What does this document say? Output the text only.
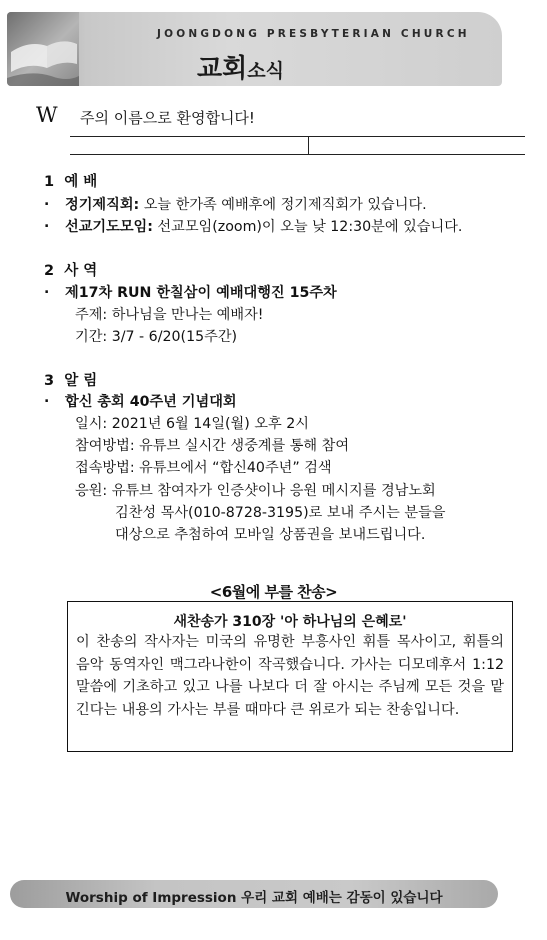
JOONGDONG PRESBYTERIAN CHURCH
교회소식
W 주의 이름으로 환영합니다!
1 예 배
. 정기제직회: 오늘 한가족 예배후에 정기제직회가 있습니다.
. 선교기도모임: 선교모임(zoom)이 오늘 낮 12:30분에 있습니다.
2 사 역
. 제17차 RUN 한칠삼이 예배대행진 15주차
주제: 하나님을 만나는 예배자!
기간: 3/7 - 6/20(15주간)
3 알 림
. 합신 총회 40주년 기념대회
일시: 2021년 6월 14일(월) 오후 2시
참여방법: 유튜브 실시간 생중계를 통해 참여
접속방법: 유튜브에서 “합신40주년” 검색
응원: 유튜브 참여자가 인증샷이나 응원 메시지를 경남노회
김찬성 목사(010-8728-3195)로 보내 주시는 분들을
대상으로 추첨하여 모바일 상품권을 보내드립니다.
<6월에 부를 찬송>
새찬송가 310장 '아 하나님의 은혜로'
이 찬송의 작사자는 미국의 유명한 부흥사인 휘틀 목사이고, 휘틀의 음악 동역자인 맥그라나한이 작곡했습니다. 가사는 디모데후서 1:12 말씀에 기초하고 있고 나를 나보다 더 잘 아시는 주님께 모든 것을 맡긴다는 내용의 가사는 부를 때마다 큰 위로가 되는 찬송입니다.
Worship of Impression 우리 교회 예배는 감동이 있습니다
